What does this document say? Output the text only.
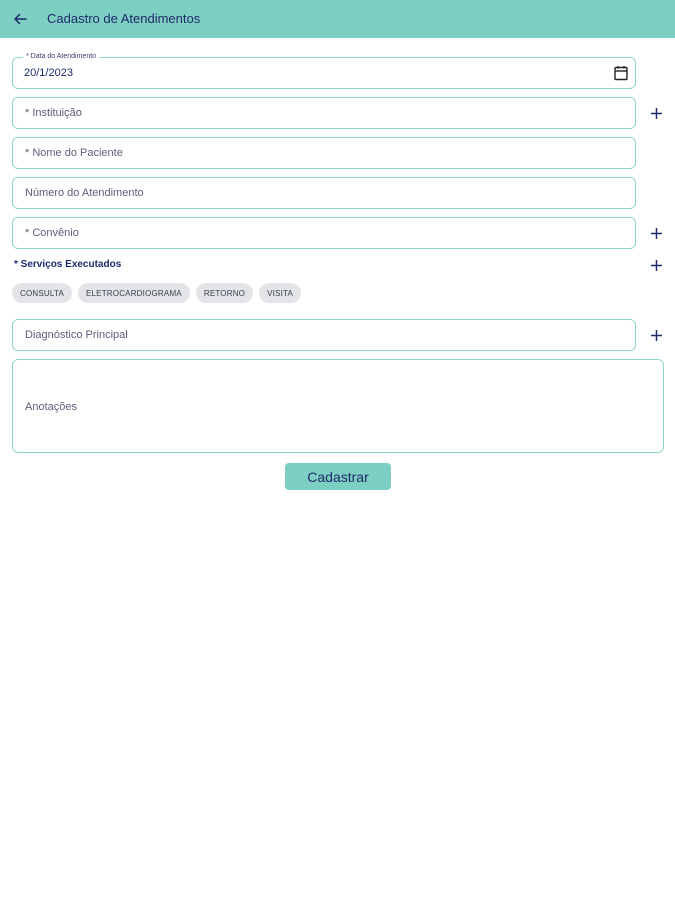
Cadastro de Atendimentos
* Data do Atendimento
20/1/2023
* Instituição
* Nome do Paciente
Número do Atendimento
* Convênio
* Serviços Executados
CONSULTA	ELETROCARDIOGRAMA	RETORNO	VISITA
Diagnóstico Principal
Anotações
Cadastrar
